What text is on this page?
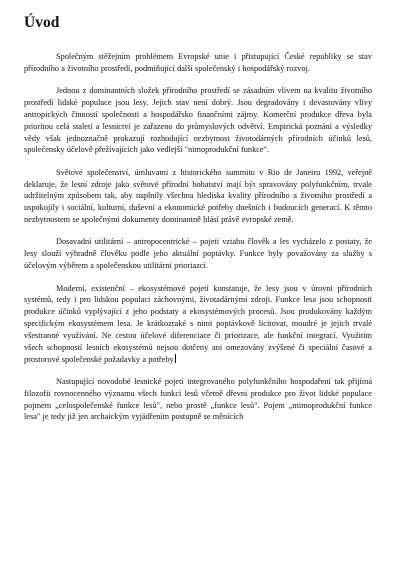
Úvod

Společným stěžejním problémem Evropské unie i přistupující České republiky se stav přírodního a životního prostředí, podmiňující další společenský i hospodářský rozvoj.

Jednou z dominantních složek přírodního prostředí se zásadním vlivem na kvalitu životního prostředí lidské populace jsou lesy. Jejich stav není dobrý. Jsou degradovány i devastovány vlivy antropických činností společnosti a hospodářsko finančními zájmy. Komerční produkce dřeva byla prioritou celá staletí a lesnictví je zařazeno do průmyslových odvětví. Empirická poznání a výsledky vědy však jednoznačně prokazují rozhodující nezbytnost životodárných přírodních účinků lesů, společensky účelově přežívajících jako vedlejší "nimoprodukční funkce".

Světové společenství, úmluvami z historického summitu v Rio de Janeiru 1992, veřejně deklaruje, že lesní zdroje jako světové přírodní bohatství mají být spravovány polyfunkčním, trvale udržitelným způsobem tak, aby naplnily všechna hlediska kvality přírodního a životního prostředí a uspokojily i sociální, kulturní, duševní a ekonomické potřeby dnešních i budoucích generací. K těmto nezbytnostem se společnými dokumenty dominantně hlásí právě evropské země.

Dosavadní utilitární – antropocentrické – pojetí vztahu člověk a les vycházelo z postaty, že lesy slouží výhradně člověku podle jeho aktuální poptávky. Funkce byly považovány za služby s účelovým výběrem a společenskou utilitární prioriazcí.

Moderní, existenční – ekosystémové pojetí konstatuje, že lesy jsou v úrovni přírodních systémů, tedy i pro lidskou populaci záchovnými, životadárnými zdroji. Funkce lesa jsou schopnosti produkce účinků vyplývající z jeho podstaty a ekosystémových procesů. Jsou produkovány každým specifickým ekosystémem lesa. Je krátkozraké s nimi poptávkově licitovat, moudré je jejich trvalé všestranné využívání. Ne cestou účelové diferenciace či priorizace, ale funkční integrací. Využitím všech schopností lesních ekosystémů nejsou dotčeny ani omezovány zvýšené či speciální časové a prostorové společenské požadavky a potřeby

Nastupující novodobé lesnické pojetí integrovaného polyfunkčního hospodaření tak přijímá filozofii rovnocenného významu všech funkcí lesů včetně dřevní produkce pro život lidské populace pojmem „celospolečenské funkce lesů", nebo prostě „funkce lesů". Pojem „mimoprodukční funkce lesa" je tedy již jen archaickým vyjádřením postupně se měnících
